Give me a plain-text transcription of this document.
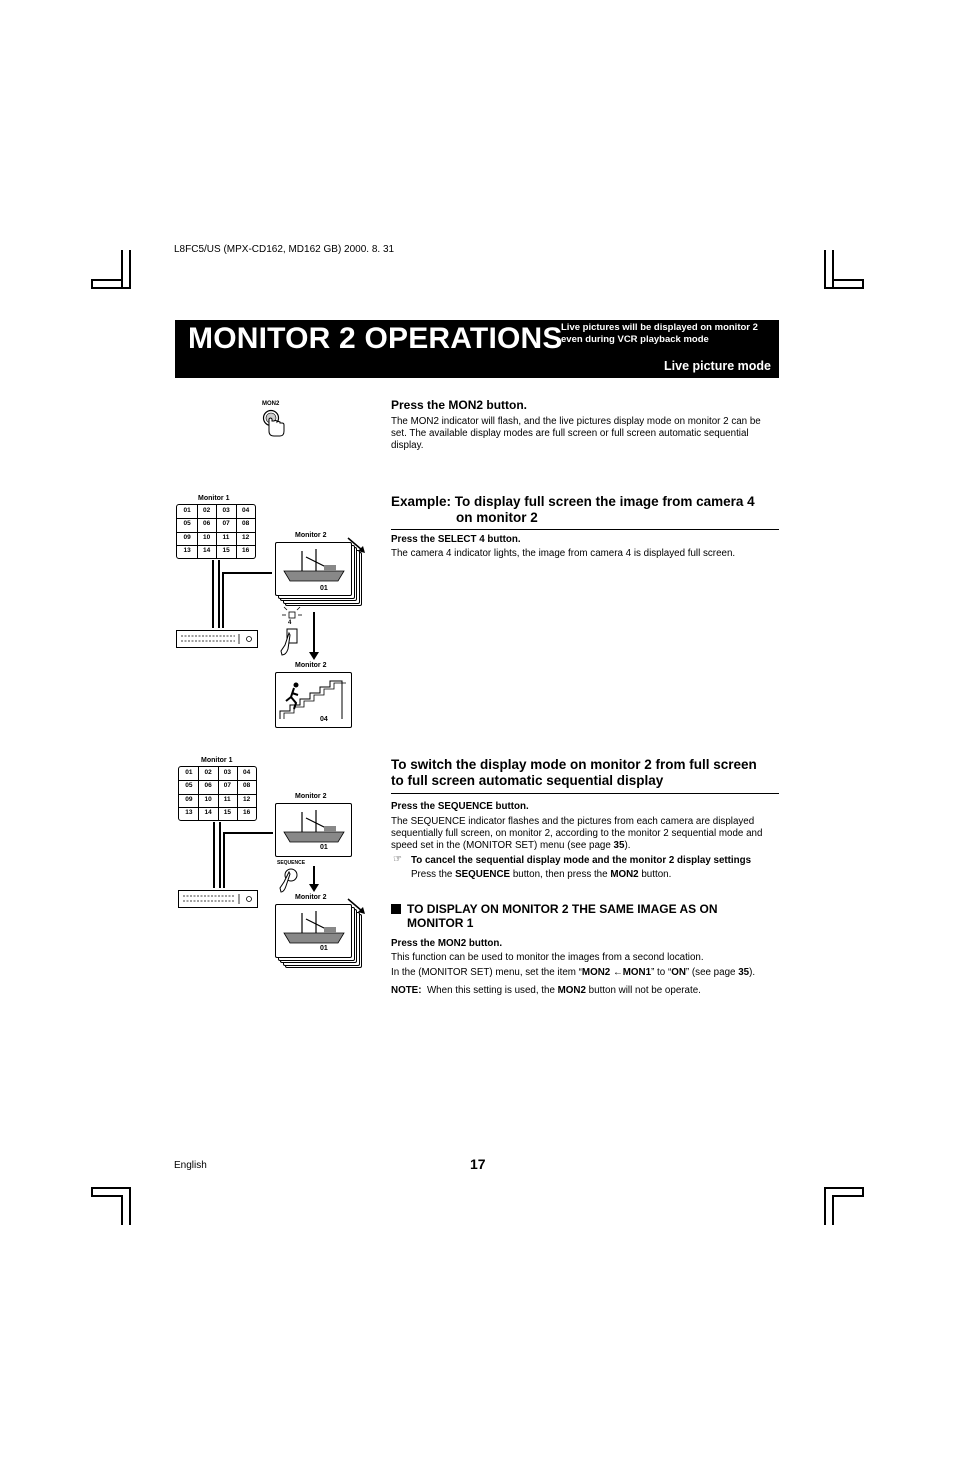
L8FC5/US (MPX-CD162, MD162 GB) 2000. 8. 31
MONITOR 2 OPERATIONS
Live pictures will be displayed on monitor 2
even during VCR playback mode
Live picture mode
MON2	Press the MON2 button.
The MON2 indicator will flash, and the live pictures display mode on monitor 2 can be set. The available display modes are full screen or full screen automatic sequential display.
Monitor 1
01 02 03 04
05 06 07 08
09 10 11 12
13 14 15 16
Monitor 2
01
4
Monitor 2
04
Example: To display full screen the image from camera 4
on monitor 2
Press the SELECT 4 button.
The camera 4 indicator lights, the image from camera 4 is displayed full screen.
Monitor 1
01 02 03 04
05 06 07 08
09 10 11 12
13 14 15 16
Monitor 2
01
SEQUENCE
Monitor 2
01
To switch the display mode on monitor 2 from full screen
to full screen automatic sequential display
Press the SEQUENCE button.
The SEQUENCE indicator flashes and the pictures from each camera are displayed
sequentially full screen, on monitor 2, according to the monitor 2 sequential mode and
speed set in the (MONITOR SET) menu (see page 35).
☞ To cancel the sequential display mode and the monitor 2 display settings
Press the SEQUENCE button, then press the MON2 button.
TO DISPLAY ON MONITOR 2 THE SAME IMAGE AS ON
MONITOR 1
Press the MON2 button.
This function can be used to monitor the images from a second location.
In the (MONITOR SET) menu, set the item “MON2 ←MON1” to “ON” (see page 35).
NOTE: When this setting is used, the MON2 button will not be operate.
English	17
